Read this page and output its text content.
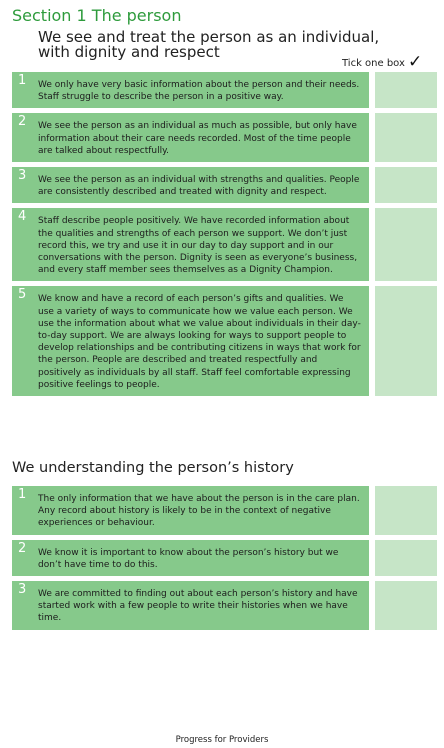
Section 1 The person

We see and treat the person as an individual, with dignity and respect

Tick one box ✓
1 We only have very basic information about the person and their needs. Staff struggle to describe the person in a positive way.
2 We see the person as an individual as much as possible, but only have information about their care needs recorded. Most of the time people are talked about respectfully.
3 We see the person as an individual with strengths and qualities. People are consistently described and treated with dignity and respect.
4 Staff describe people positively. We have recorded information about the qualities and strengths of each person we support. We don’t just record this, we try and use it in our day to day support and in our conversations with the person. Dignity is seen as everyone’s business, and every staff member sees themselves as a Dignity Champion.
5 We know and have a record of each person’s gifts and qualities. We use a variety of ways to communicate how we value each person. We use the information about what we value about individuals in their day-to-day support. We are always looking for ways to support people to develop relationships and be contributing citizens in ways that work for the person. People are described and treated respectfully and positively as individuals by all staff. Staff feel comfortable expressing positive feelings to people.
We understanding the person’s history
1 The only information that we have about the person is in the care plan. Any record about history is likely to be in the context of negative experiences or behaviour.
2 We know it is important to know about the person’s history but we don’t have time to do this.
3 We are committed to finding out about each person’s history and have started work with a few people to write their histories when we have time.
Progress for Providers
